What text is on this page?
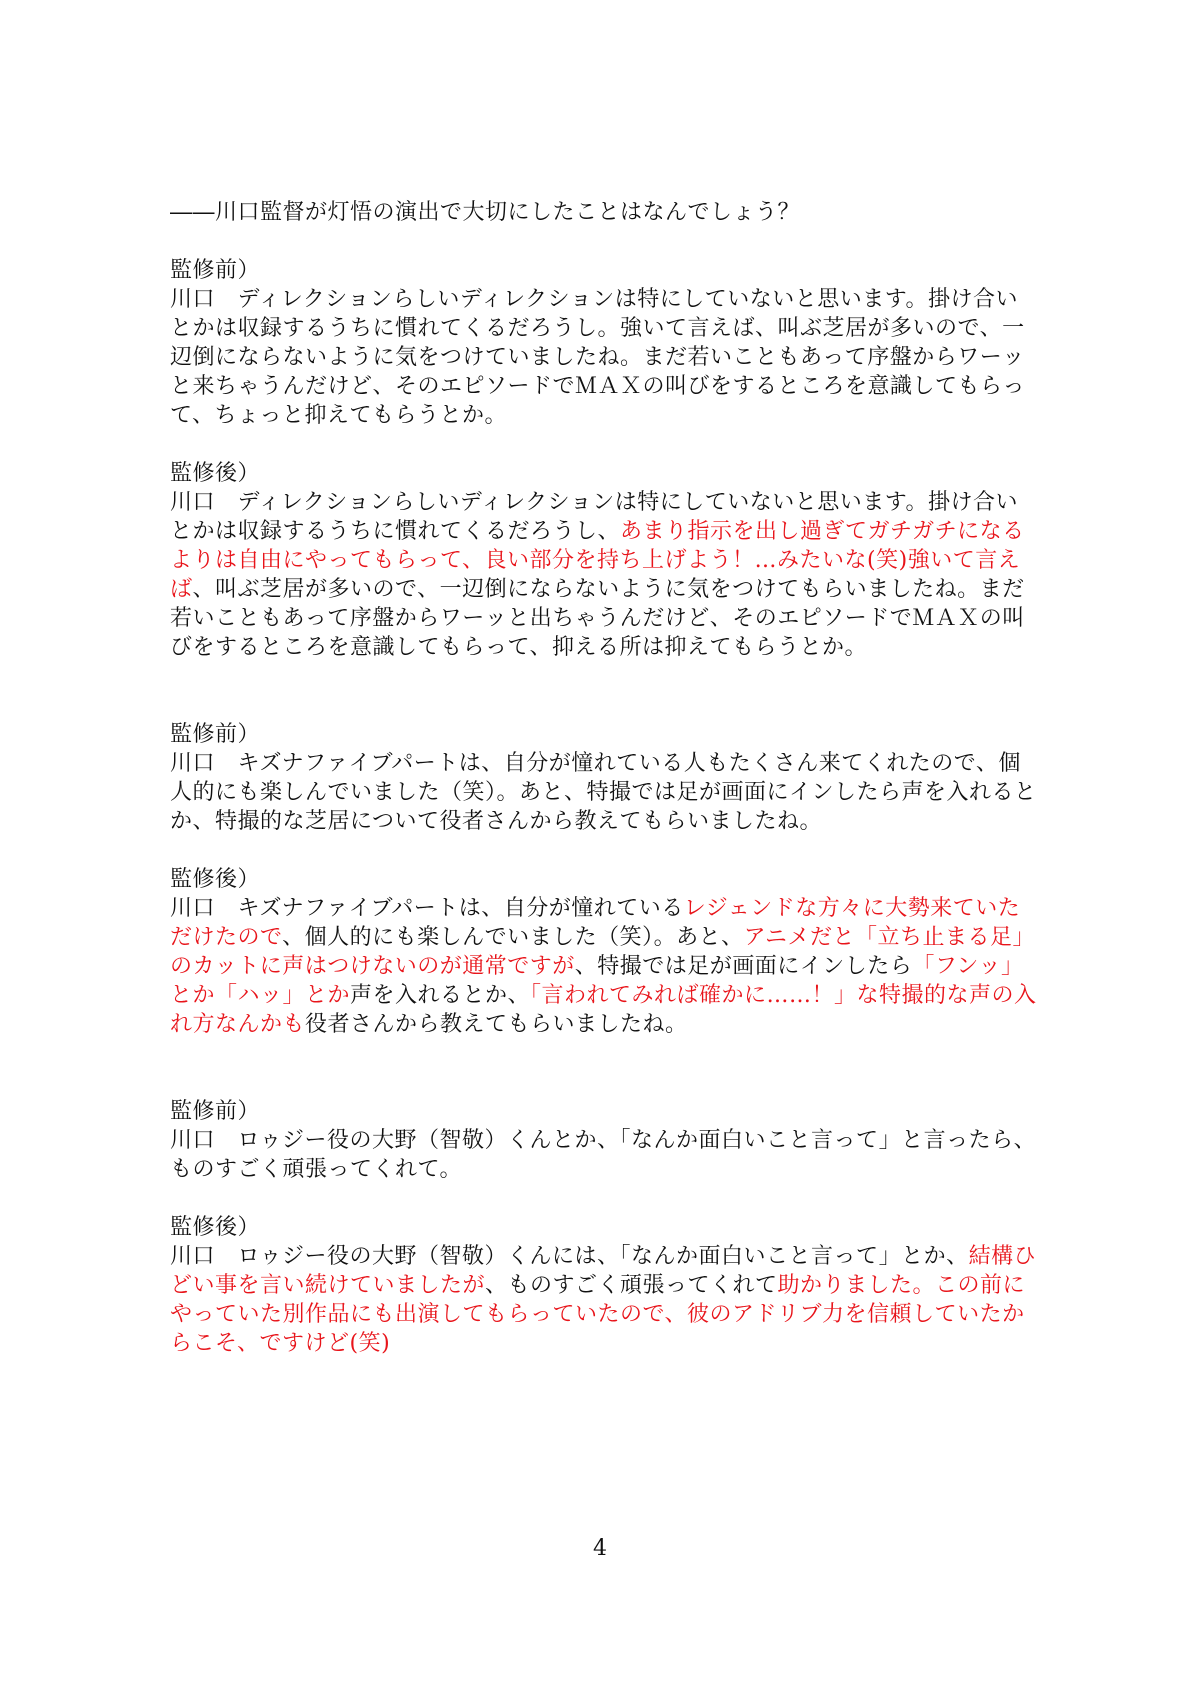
――川口監督が灯悟の演出で大切にしたことはなんでしょう？
監修前）
川口　ディレクションらしいディレクションは特にしていないと思います。掛け合い
とかは収録するうちに慣れてくるだろうし。強いて言えば、叫ぶ芝居が多いので、一
辺倒にならないように気をつけていましたね。まだ若いこともあって序盤からワーッ
と来ちゃうんだけど、そのエピソードでＭＡＸの叫びをするところを意識してもらっ
て、ちょっと抑えてもらうとか。
監修後）
川口　ディレクションらしいディレクションは特にしていないと思います。掛け合い
とかは収録するうちに慣れてくるだろうし、あまり指示を出し過ぎてガチガチになる
よりは自由にやってもらって、良い部分を持ち上げよう！…みたいな(笑)強いて言え
ば、叫ぶ芝居が多いので、一辺倒にならないように気をつけてもらいましたね。まだ
若いこともあって序盤からワーッと出ちゃうんだけど、そのエピソードでＭＡＸの叫
びをするところを意識してもらって、抑える所は抑えてもらうとか。
監修前）
川口　キズナファイブパートは、自分が憧れている人もたくさん来てくれたので、個
人的にも楽しんでいました（笑）。あと、特撮では足が画面にインしたら声を入れると
か、特撮的な芝居について役者さんから教えてもらいましたね。
監修後）
川口　キズナファイブパートは、自分が憧れているレジェンドな方々に大勢来ていた
だけたので、個人的にも楽しんでいました（笑）。あと、アニメだと「立ち止まる足」
のカットに声はつけないのが通常ですが、特撮では足が画面にインしたら「フンッ」
とか「ハッ」とか声を入れるとか、「言われてみれば確かに……！」な特撮的な声の入
れ方なんかも役者さんから教えてもらいましたね。
監修前）
川口　ロゥジー役の大野（智敬）くんとか、「なんか面白いこと言って」と言ったら、
ものすごく頑張ってくれて。
監修後）
川口　ロゥジー役の大野（智敬）くんには、「なんか面白いこと言って」とか、結構ひ
どい事を言い続けていましたが、ものすごく頑張ってくれて助かりました。この前に
やっていた別作品にも出演してもらっていたので、彼のアドリブ力を信頼していたか
らこそ、ですけど(笑)
4
